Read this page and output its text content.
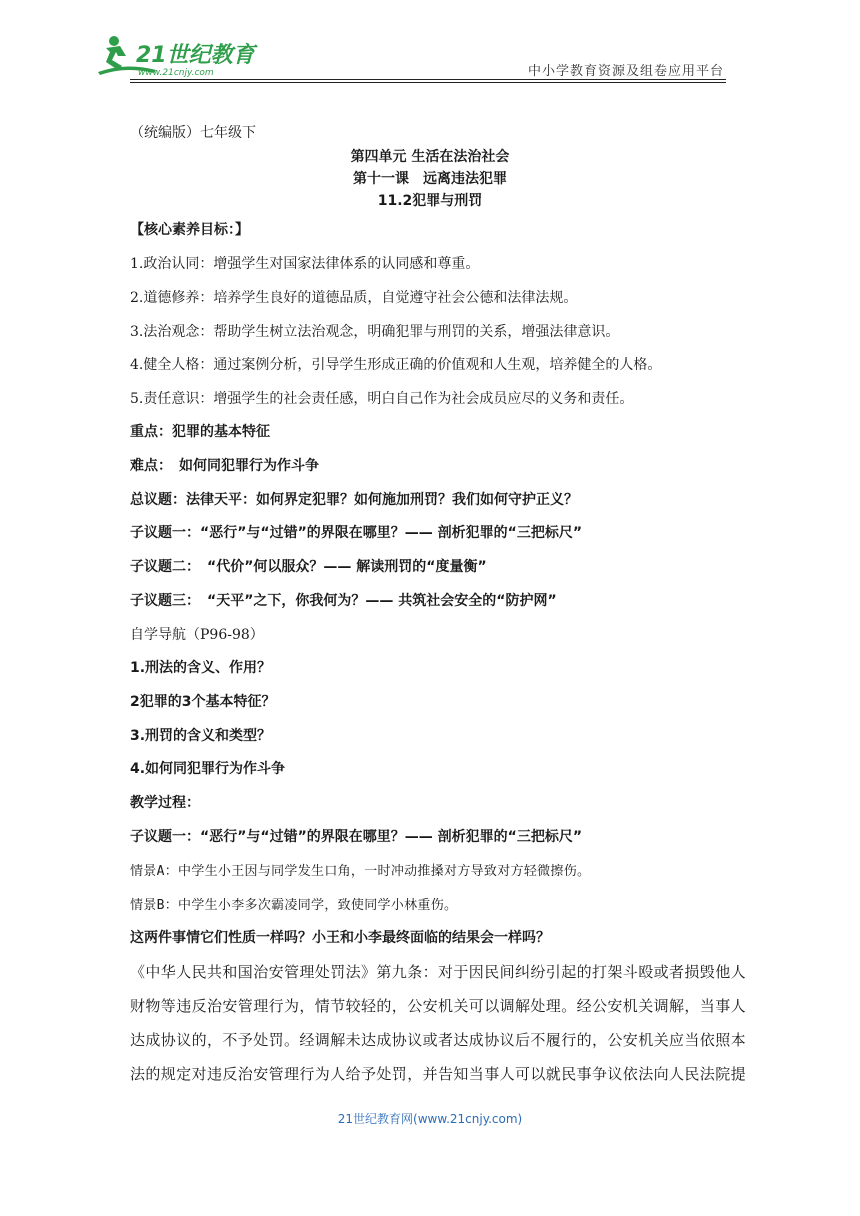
21世纪教育
www.21cnjy.com	中小学教育资源及组卷应用平台
（统编版）七年级下
第四单元 生活在法治社会
第十一课　远离违法犯罪
11.2犯罪与刑罚
【核心素养目标：】
1.政治认同：增强学生对国家法律体系的认同感和尊重。
2.道德修养：培养学生良好的道德品质，自觉遵守社会公德和法律法规。
3.法治观念：帮助学生树立法治观念，明确犯罪与刑罚的关系，增强法律意识。
4.健全人格：通过案例分析，引导学生形成正确的价值观和人生观，培养健全的人格。
5.责任意识：增强学生的社会责任感，明白自己作为社会成员应尽的义务和责任。
重点：犯罪的基本特征
难点：　如何同犯罪行为作斗争
总议题：法律天平：如何界定犯罪？如何施加刑罚？我们如何守护正义？
子议题一：“恶行”与“过错”的界限在哪里？—— 剖析犯罪的“三把标尺”
子议题二：　“代价”何以服众？—— 解读刑罚的“度量衡”
子议题三：　“天平”之下，你我何为？—— 共筑社会安全的“防护网”
自学导航（P96-98）
1.刑法的含义、作用？
2犯罪的3个基本特征？
3.刑罚的含义和类型？
4.如何同犯罪行为作斗争
教学过程：
子议题一：“恶行”与“过错”的界限在哪里？—— 剖析犯罪的“三把标尺”
情景A：中学生小王因与同学发生口角，一时冲动推搡对方导致对方轻微擦伤。
情景B：中学生小李多次霸凌同学，致使同学小林重伤。
这两件事情它们性质一样吗？小王和小李最终面临的结果会一样吗？
《中华人民共和国治安管理处罚法》第九条：对于因民间纠纷引起的打架斗殴或者损毁他人
财物等违反治安管理行为，情节较轻的，公安机关可以调解处理。经公安机关调解，当事人
达成协议的，不予处罚。经调解未达成协议或者达成协议后不履行的，公安机关应当依照本
法的规定对违反治安管理行为人给予处罚，并告知当事人可以就民事争议依法向人民法院提
21世纪教育网(www.21cnjy.com)
